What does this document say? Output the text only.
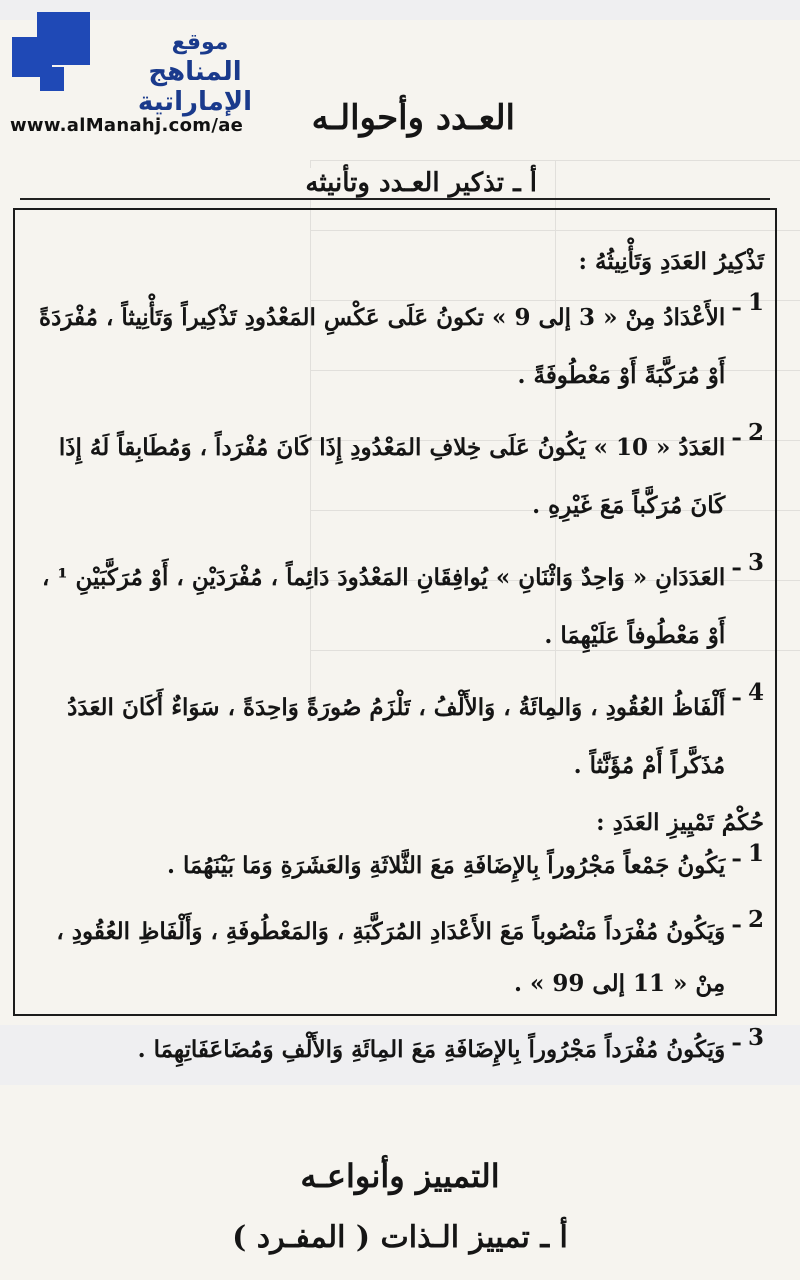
موقع
المناهج الإماراتية
www.alManahj.com/ae العـدد وأحوالـه
أ ـ تذكير العـدد وتأنيثه
تَذْكِيرُ العَدَدِ وَتَأْنِيثُهُ :
1 ـ
الأَعْدَادُ مِنْ « 3 إلى 9 » تكونُ عَلَى عَكْسِ المَعْدُودِ تَذْكِيراً وَتَأْنِيثاً ، مُفْرَدَةً أَوْ مُرَكَّبَةً أَوْ مَعْطُوفَةً .
2 ـ
العَدَدُ « 10 » يَكُونُ عَلَى خِلافِ المَعْدُودِ إِذَا كَانَ مُفْرَداً ، وَمُطَابِقاً لَهُ إِذَا كَانَ مُرَكَّباً مَعَ غَيْرِهِ .
3 ـ
العَدَدَانِ « وَاحِدٌ وَاثْنَانِ » يُوافِقَانِ المَعْدُودَ دَائِماً ، مُفْرَدَيْنِ ، أَوْ مُرَكَّبَيْنِ ¹ ، أَوْ مَعْطُوفاً عَلَيْهِمَا .
4 ـ
أَلْفَاظُ العُقُودِ ، وَالمِائَةُ ، وَالأَلْفُ ، تَلْزَمُ صُورَةً وَاحِدَةً ، سَوَاءٌ أَكَانَ العَدَدُ مُذَكَّراً أَمْ مُؤَنَّثاً .
حُكْمُ تَمْيِيزِ العَدَدِ :
1 ـ
يَكُونُ جَمْعاً مَجْرُوراً بِالإِضَافَةِ مَعَ الثَّلاثَةِ وَالعَشَرَةِ وَمَا بَيْنَهُمَا .
2 ـ
وَيَكُونُ مُفْرَداً مَنْصُوباً مَعَ الأَعْدَادِ المُرَكَّبَةِ ، وَالمَعْطُوفَةِ ، وَأَلْفَاظِ العُقُودِ ، مِنْ « 11 إلى 99 » .
3 ـ
وَيَكُونُ مُفْرَداً مَجْرُوراً بِالإِضَافَةِ مَعَ المِائَةِ وَالأَلْفِ وَمُضَاعَفَاتِهِمَا .
التمييز وأنواعـه
أ ـ تمييز الـذات ( المفـرد )
